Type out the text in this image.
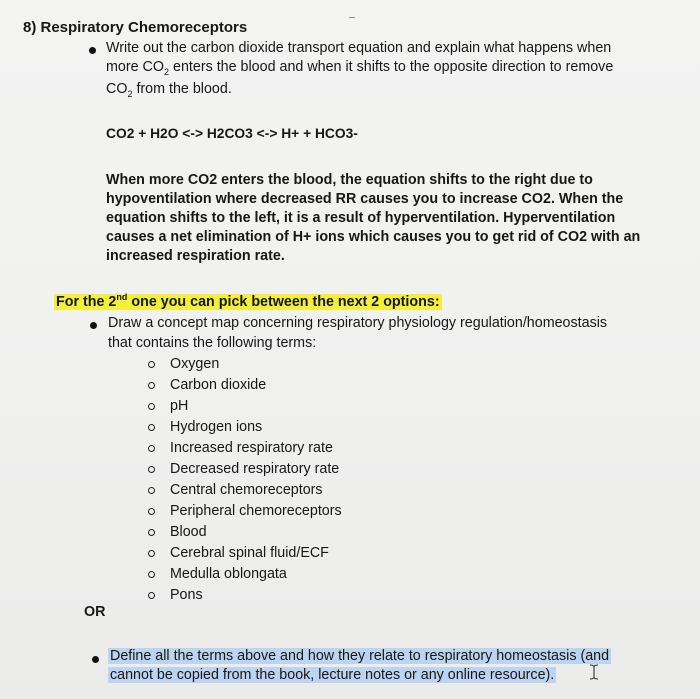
8) Respiratory Chemoreceptors
Write out the carbon dioxide transport equation and explain what happens when
more $CO_2$ enters the blood and when it shifts to the opposite direction to remove
$CO_2$ from the blood.
CO2 + H2O <-> H2CO3 <-> H+ + HCO3-
When more CO2 enters the blood, the equation shifts to the right due to
hypoventilation where decreased RR causes you to increase CO2. When the
equation shifts to the left, it is a result of hyperventilation. Hyperventilation
causes a net elimination of H+ ions which causes you to get rid of CO2 with an
increased respiration rate.
For the 2nd one you can pick between the next 2 options:
Draw a concept map concerning respiratory physiology regulation/homeostasis
that contains the following terms:
Oxygen
Carbon dioxide
pH
Hydrogen ions
Increased respiratory rate
Decreased respiratory rate
Central chemoreceptors
Peripheral chemoreceptors
Blood
Cerebral spinal fluid/ECF
Medulla oblongata
Pons
OR
Define all the terms above and how they relate to respiratory homeostasis (and
cannot be copied from the book, lecture notes or any online resource).
